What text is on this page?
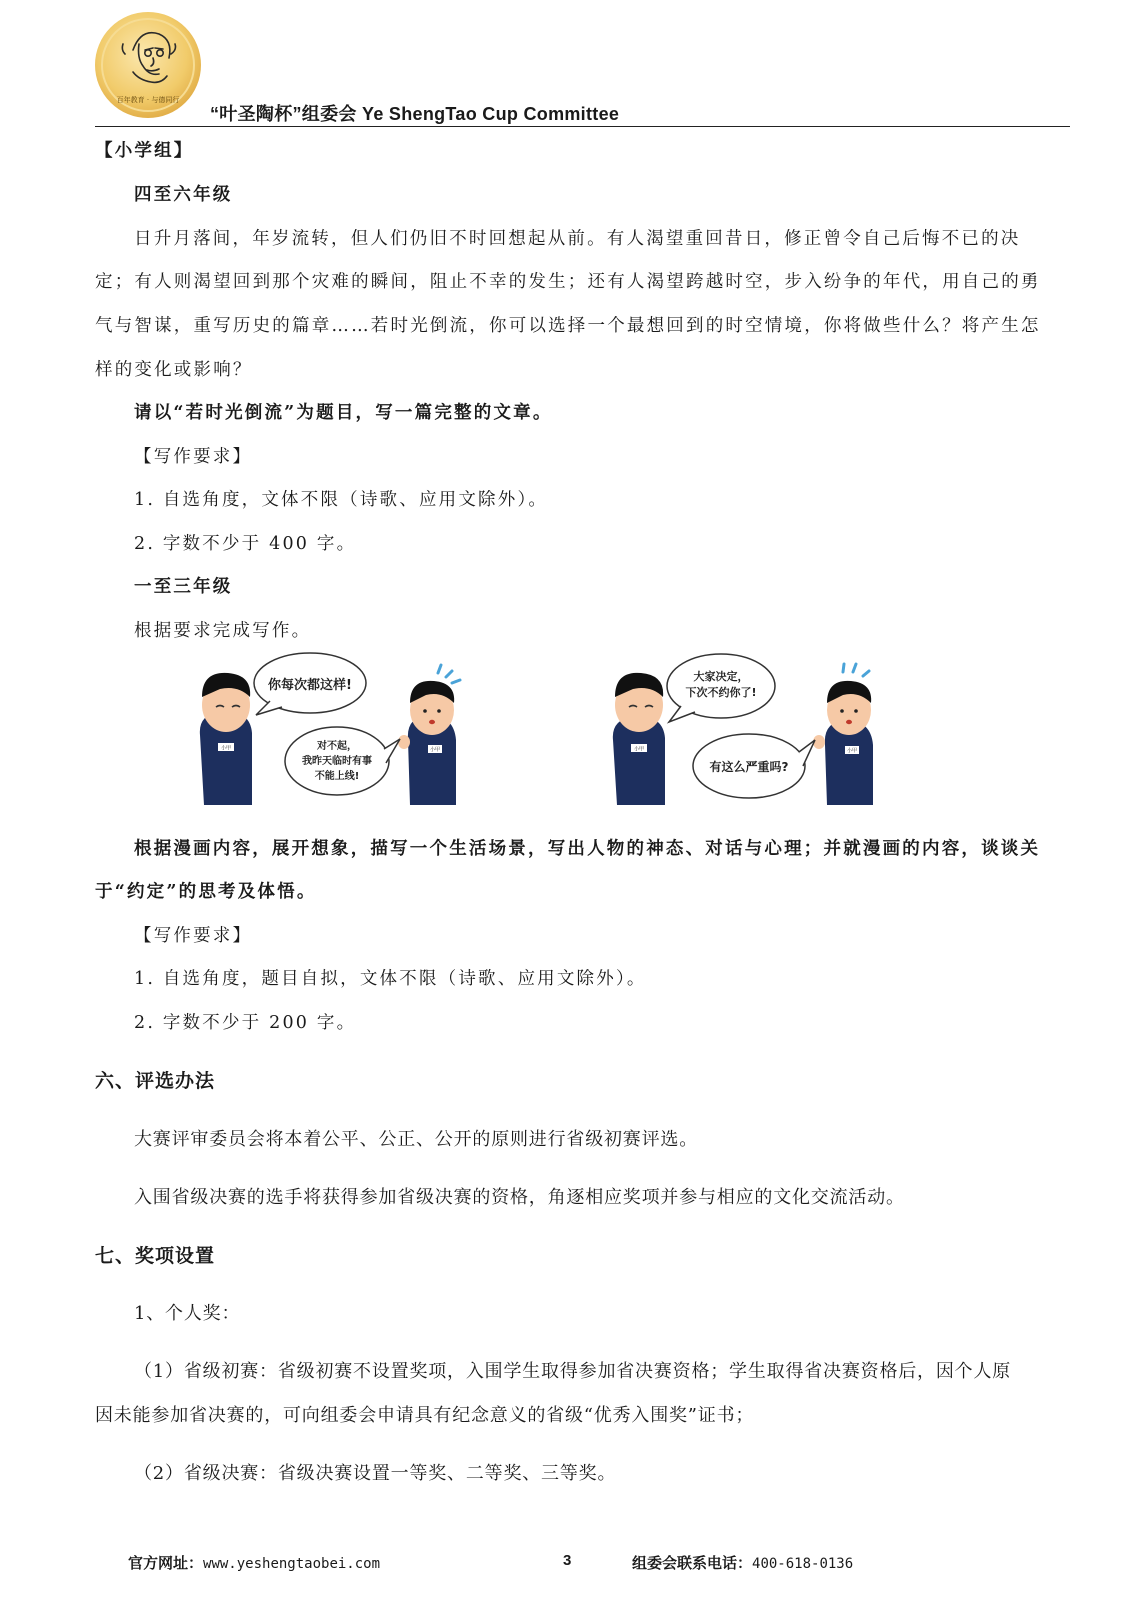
百年教育 · 与德同行
“叶圣陶杯”组委会 Ye ShengTao Cup Committee
【小学组】
四至六年级
日升月落间，年岁流转，但人们仍旧不时回想起从前。有人渴望重回昔日，修正曾令自己后悔不已的决
定；有人则渴望回到那个灾难的瞬间，阻止不幸的发生；还有人渴望跨越时空，步入纷争的年代，用自己的勇
气与智谋，重写历史的篇章……若时光倒流，你可以选择一个最想回到的时空情境，你将做些什么？将产生怎
样的变化或影响？
请以“若时光倒流”为题目，写一篇完整的文章。
【写作要求】
1. 自选角度，文体不限（诗歌、应用文除外）。
2. 字数不少于 400 字。
一至三年级
根据要求完成写作。
小甲	小甲
你每次都这样!
对不起，
我昨天临时有事
不能上线!
小甲	小甲
大家决定，
下次不约你了!
有这么严重吗?
根据漫画内容，展开想象，描写一个生活场景，写出人物的神态、对话与心理；并就漫画的内容，谈谈关
于“约定”的思考及体悟。
【写作要求】
1. 自选角度，题目自拟，文体不限（诗歌、应用文除外）。
2. 字数不少于 200 字。
六、评选办法
大赛评审委员会将本着公平、公正、公开的原则进行省级初赛评选。
入围省级决赛的选手将获得参加省级决赛的资格，角逐相应奖项并参与相应的文化交流活动。
七、奖项设置
1、个人奖：
（1）省级初赛：省级初赛不设置奖项，入围学生取得参加省决赛资格；学生取得省决赛资格后，因个人原
因未能参加省决赛的，可向组委会申请具有纪念意义的省级“优秀入围奖”证书；
（2）省级决赛：省级决赛设置一等奖、二等奖、三等奖。
官方网址：www.yeshengtaobei.com	3	组委会联系电话：400-618-0136
